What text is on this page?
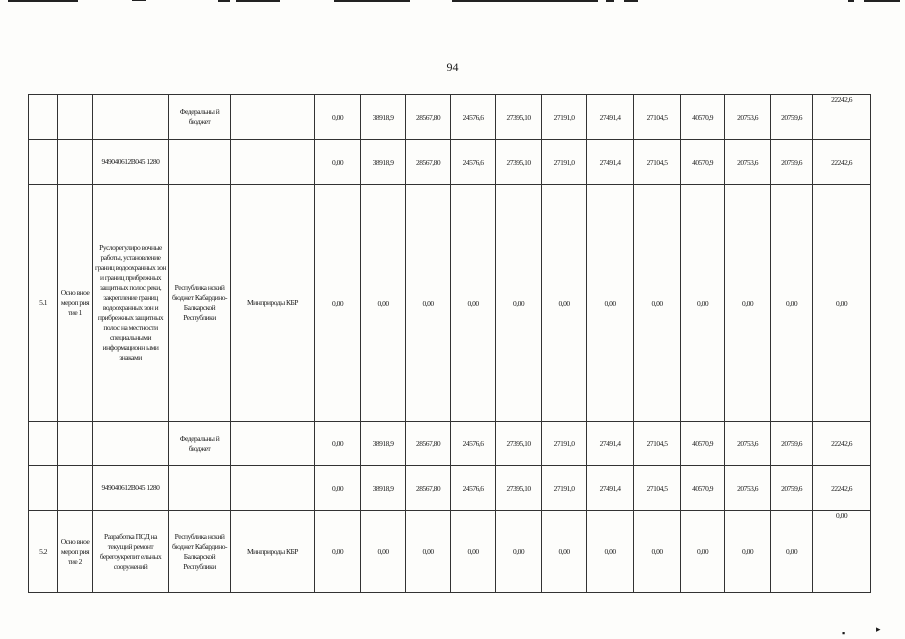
94
			Федеральны й бюджет		0,00	38918,9	28567,80	24576,6	27395,10	27191,0	27491,4	27104,5	40570,9	20753,6	20759,6	22242,6
		949040612В045 1280			0,00	38918,9	28567,80	24576,6	27395,10	27191,0	27491,4	27104,5	40570,9	20753,6	20759,6	22242,6
5.1	Осно вное мероп рия тие 1	Руслорегулиро вочные работы, установление границ водоохранных зон и границ прибрежных защитных полос реки, закрепление границ водоохранных зон и прибрежных защитных полос на местности специальными информационн ыми знаками	Республика нский бюджет Кабардино-Балкарской Республики	Минприроды КБР	0,00	0,00	0,00	0,00	0,00	0,00	0,00	0,00	0,00	0,00	0,00	0,00
			Федеральны й бюджет		0,00	38918,9	28567,80	24576,6	27395,10	27191,0	27491,4	27104,5	40570,9	20753,6	20759,6	22242,6
		949040612В045 1280			0,00	38918,9	28567,80	24576,6	27395,10	27191,0	27491,4	27104,5	40570,9	20753,6	20759,6	22242,6
5.2	Осно вное мероп рия тие 2	Разработка ПСД на текущий ремонт берегоукрепит ельных сооружений	Республика нский бюджет Кабардино-Балкарской Республики	Минприроды КБР	0,00	0,00	0,00	0,00	0,00	0,00	0,00	0,00	0,00	0,00	0,00	0,00
▪	▸
